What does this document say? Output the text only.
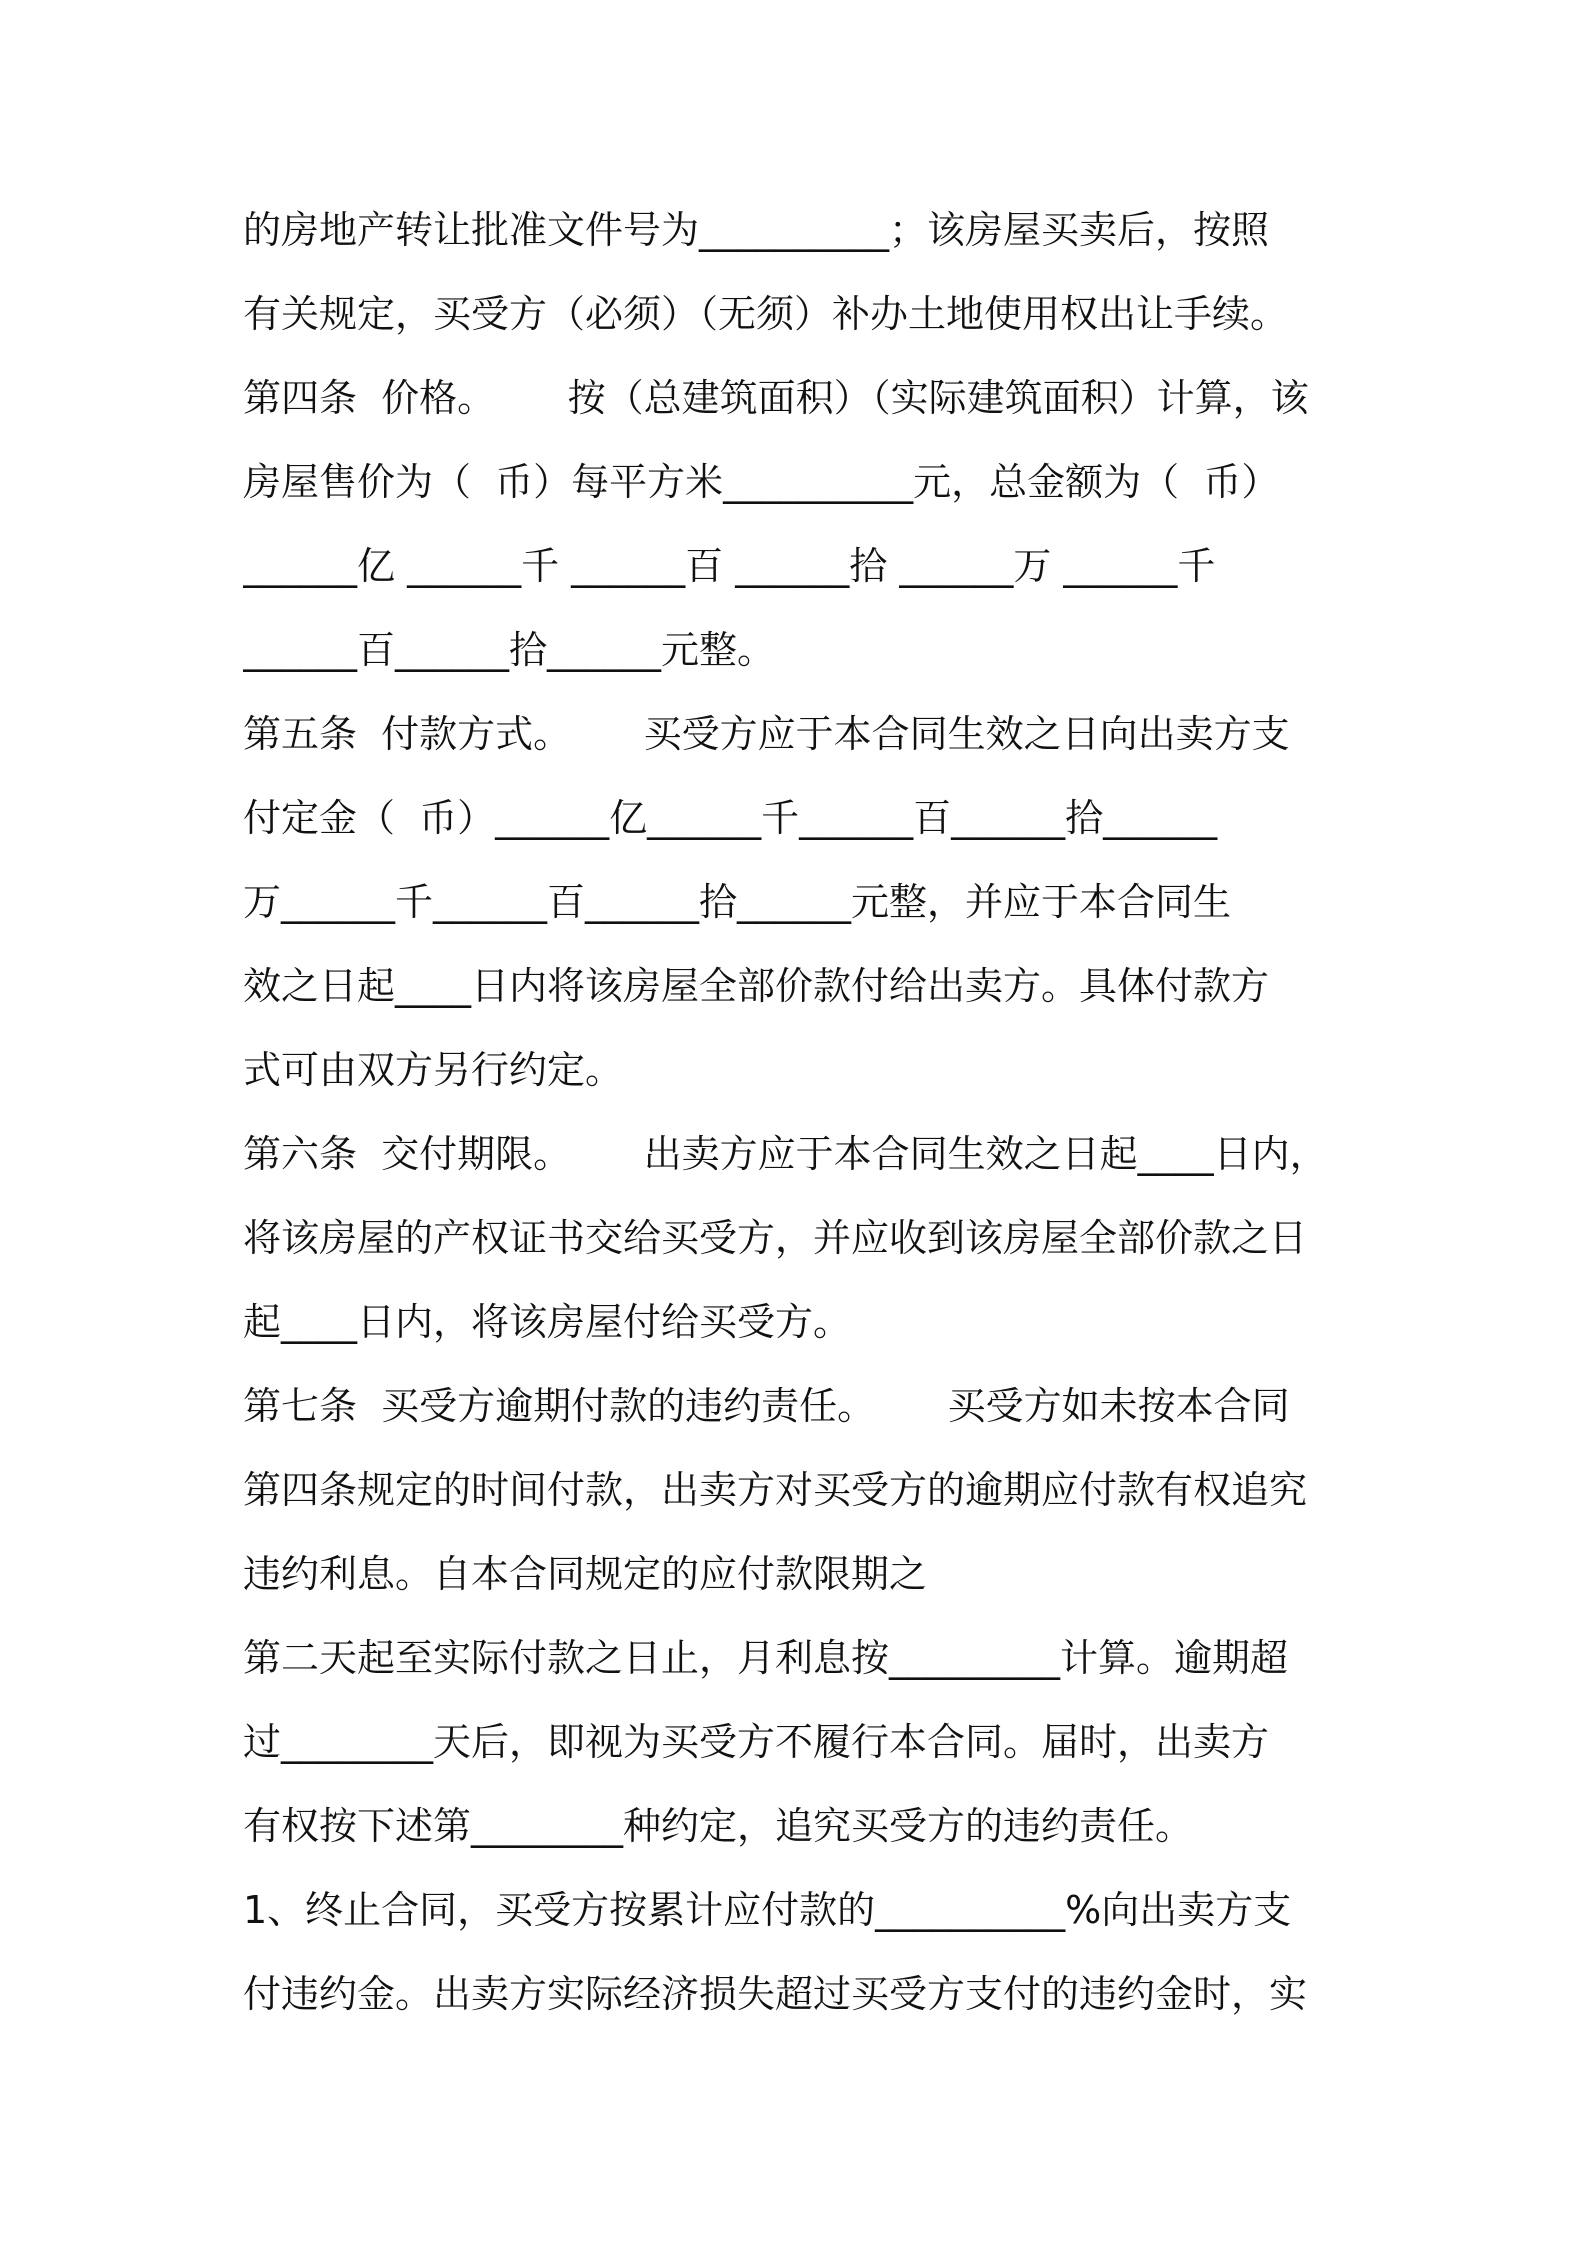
的房地产转让批准文件号为__________；该房屋买卖后，按照
有关规定，买受方（必须）（无须）补办土地使用权出让手续。
第四条  价格。      按（总建筑面积）（实际建筑面积）计算，该
房屋售价为（  币）每平方米__________元，总金额为（  币）
______亿 ______千 ______百 ______拾 ______万 ______千
______百______拾______元整。
第五条  付款方式。      买受方应于本合同生效之日向出卖方支
付定金（  币）______亿______千______百______拾______
万______千______百______拾______元整，并应于本合同生
效之日起____日内将该房屋全部价款付给出卖方。具体付款方
式可由双方另行约定。
第六条  交付期限。      出卖方应于本合同生效之日起____日内，
将该房屋的产权证书交给买受方，并应收到该房屋全部价款之日
起____日内，将该房屋付给买受方。
第七条  买受方逾期付款的违约责任。      买受方如未按本合同
第四条规定的时间付款，出卖方对买受方的逾期应付款有权追究
违约利息。自本合同规定的应付款限期之
第二天起至实际付款之日止，月利息按_________计算。逾期超
过________天后，即视为买受方不履行本合同。届时，出卖方
有权按下述第________种约定，追究买受方的违约责任。
1、终止合同，买受方按累计应付款的__________%向出卖方支
付违约金。出卖方实际经济损失超过买受方支付的违约金时，实
